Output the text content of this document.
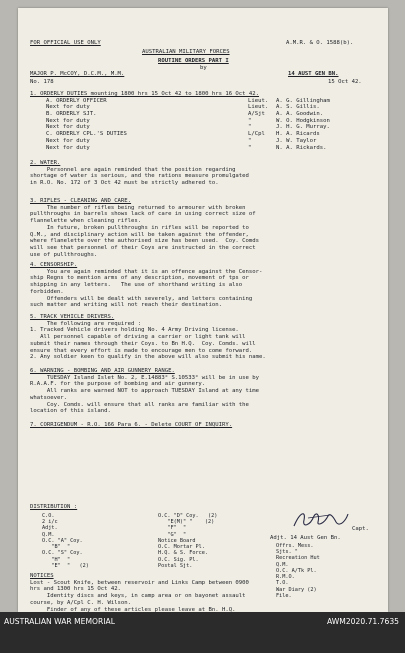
FOR OFFICIAL USE ONLY	A.M.R. & O. 1588(b).
AUSTRALIAN MILITARY FORCES
ROUTINE ORDERS PART I
by
MAJOR P. McCOY, D.C.M., M.M.	14 AUST GEN BN.
No. 178	15 Oct 42.
1. ORDERLY DUTIES mounting 1800 hrs 15 Oct 42 to 1800 hrs 16 Oct 42.
A. ORDERLY OFFICER	Lieut. A. G. Gillingham
Next for duty	Lieut. A. S. Gillis.
B. ORDERLY SJT.	A/Sjt A. A. Goodwin.
Next for duty	"	W. O. Hodgkinson
Next for duty	"	J. H. G. Murray.
C. ORDERLY CPL.'S DUTIES	L/Cpl H. A. Ricards
Next for duty	"	J. W. Taylor
Next for duty	"	N. A. Rickards.
2. WATER.
Personnel are again reminded that the position regarding
shortage of water is serious, and the rations measure promulgated
in R.O. No. 172 of 3 Oct 42 must be strictly adhered to.
3. RIFLES - CLEANING AND CARE.
The number of rifles being returned to armourer with broken
pullthroughs in barrels shows lack of care in using correct size of
flannelette when cleaning rifles.
In future, broken pullthroughs in rifles will be reported to
Q.M., and disciplinary action will be taken against the offender,
where flanelette over the authorised size has been used.  Coy. Comds
will see that personnel of their Coys are instructed in the correct
use of pullthroughs.
4. CENSORSHIP.
You are again reminded that it is an offence against the Censor-
ship Regns to mention arms of any description, movement of tps or
shipping in any letters.   The use of shorthand writing is also
forbidden.
Offenders will be dealt with severely, and letters containing
such matter and writing will not reach their destination.
5. TRACK VEHICLE DRIVERS.
The following are required :
1. Tracked Vehicle drivers holding No. 4 Army Driving license.
All personnel capable of driving a carrier or light tank will
submit their names through their Coys. to Bn H.Q.  Coy. Comds. will
ensure that every effort is made to encourage men to come forward.
2. Any soldier keen to qualify in the above will also submit his name.
6. WARNING - BOMBING AND AIR GUNNERY RANGE.
TUESDAY Island Islet No. 2, E.14883° S.10533° will be in use by
R.A.A.F. for the purpose of bombing and air gunnery.
All ranks are warned NOT to approach TUESDAY Island at any time
whatsoever.
Coy. Comds. will ensure that all ranks are familiar with the
location of this island.
7. CORRIGENDUM - R.O. 166 Para 6. - Delete COURT OF INQUIRY.
Capt.
Adjt. 14 Aust Gen Bn.
DISTRIBUTION :
C.O.
2 i/c
Adjt.
Q.M.
O.C. "A" Coy.
"B"  "
O.C. "S" Coy.
"H"  "
"E"  "   (2)
O.C. "D" Coy.   (2)
"E(M)" "    (2)
"F"  "
"G"  "
Notice Board
O.C. Mortar Pl.
H.Q. & S. Force.
O.C. Sig. Pl.
Postal Sjt.
Offrs. Mess.
Sjts. "
Recreation Hut
Q.M.
O.C. A/Tk Pl.
R.M.O.
T.O.
War Diary (2)
File.
NOTICES
Lost - Scout Knife, between reservoir and Links Camp between 0900
hrs and 1300 hrs 15 Oct 42.
Identity discs and keys, in camp area or on bayonet assault
course, by A/Cpl C. H. Wilson.
Finder of any of these articles please leave at Bn. H.Q.
AUSTRALIAN WAR MEMORIAL	AWM2020.71.7635
